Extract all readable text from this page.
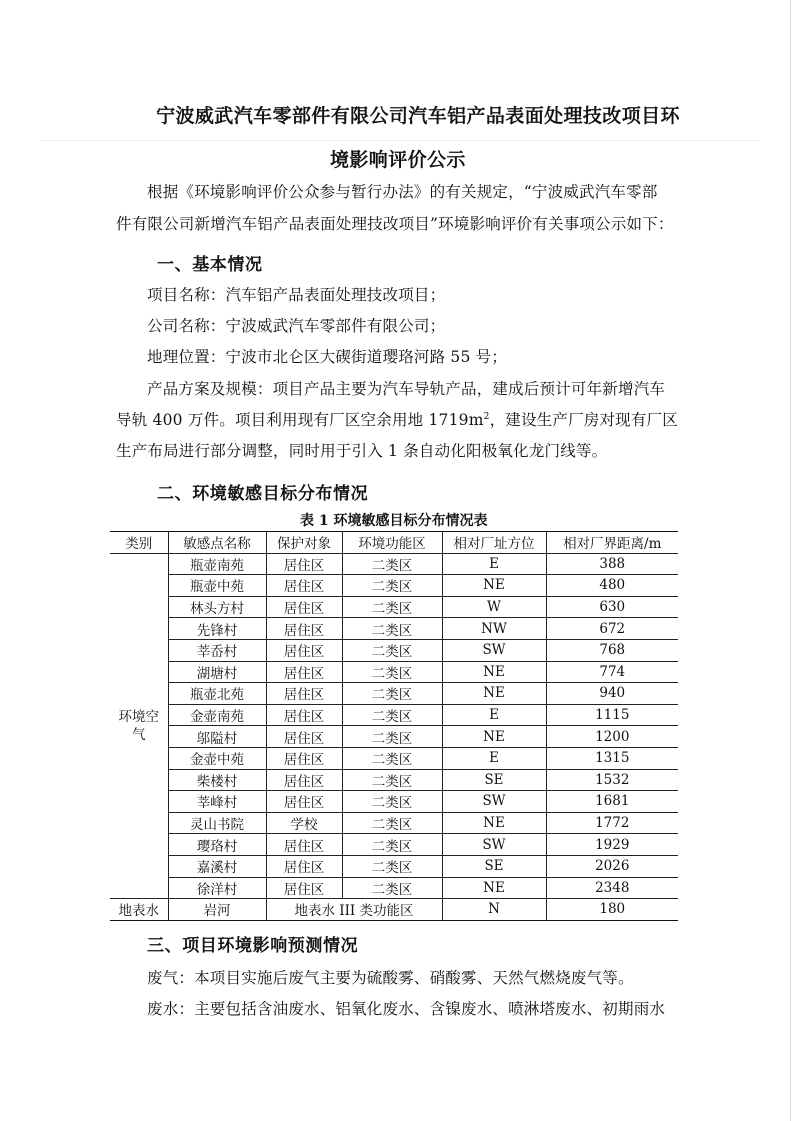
宁波威武汽车零部件有限公司汽车铝产品表面处理技改项目环
境影响评价公示
根据《环境影响评价公众参与暂行办法》的有关规定，“宁波威武汽车零部
件有限公司新增汽车铝产品表面处理技改项目”环境影响评价有关事项公示如下：
一、基本情况
项目名称：汽车铝产品表面处理技改项目；
公司名称：宁波威武汽车零部件有限公司；
地理位置：宁波市北仑区大碶街道璎珞河路 55 号；
产品方案及规模：项目产品主要为汽车导轨产品，建成后预计可年新增汽车
导轨 400 万件。项目利用现有厂区空余用地 $1719m^2$，建设生产厂房对现有厂区
生产布局进行部分调整，同时用于引入 1 条自动化阳极氧化龙门线等。
二、环境敏感目标分布情况
表 1 环境敏感目标分布情况表
类别	敏感点名称	保护对象	环境功能区	相对厂址方位	相对厂界距离/m
环境空气	瓶壶南苑	居住区	二类区	E	388
	瓶壶中苑	居住区	二类区	NE	480
	林头方村	居住区	二类区	W	630
	先锋村	居住区	二类区	NW	672
	莘岙村	居住区	二类区	SW	768
	湖塘村	居住区	二类区	NE	774
	瓶壶北苑	居住区	二类区	NE	940
	金壶南苑	居住区	二类区	E	1115
	邬隘村	居住区	二类区	NE	1200
	金壶中苑	居住区	二类区	E	1315
	柴楼村	居住区	二类区	SE	1532
	莘峰村	居住区	二类区	SW	1681
	灵山书院	学校	二类区	NE	1772
	璎珞村	居住区	二类区	SW	1929
	嘉溪村	居住区	二类区	SE	2026
	徐洋村	居住区	二类区	NE	2348
地表水	岩河	地表水 III 类功能区		N	180
三、项目环境影响预测情况
废气：本项目实施后废气主要为硫酸雾、硝酸雾、天然气燃烧废气等。
废水：主要包括含油废水、铝氧化废水、含镍废水、喷淋塔废水、初期雨水
